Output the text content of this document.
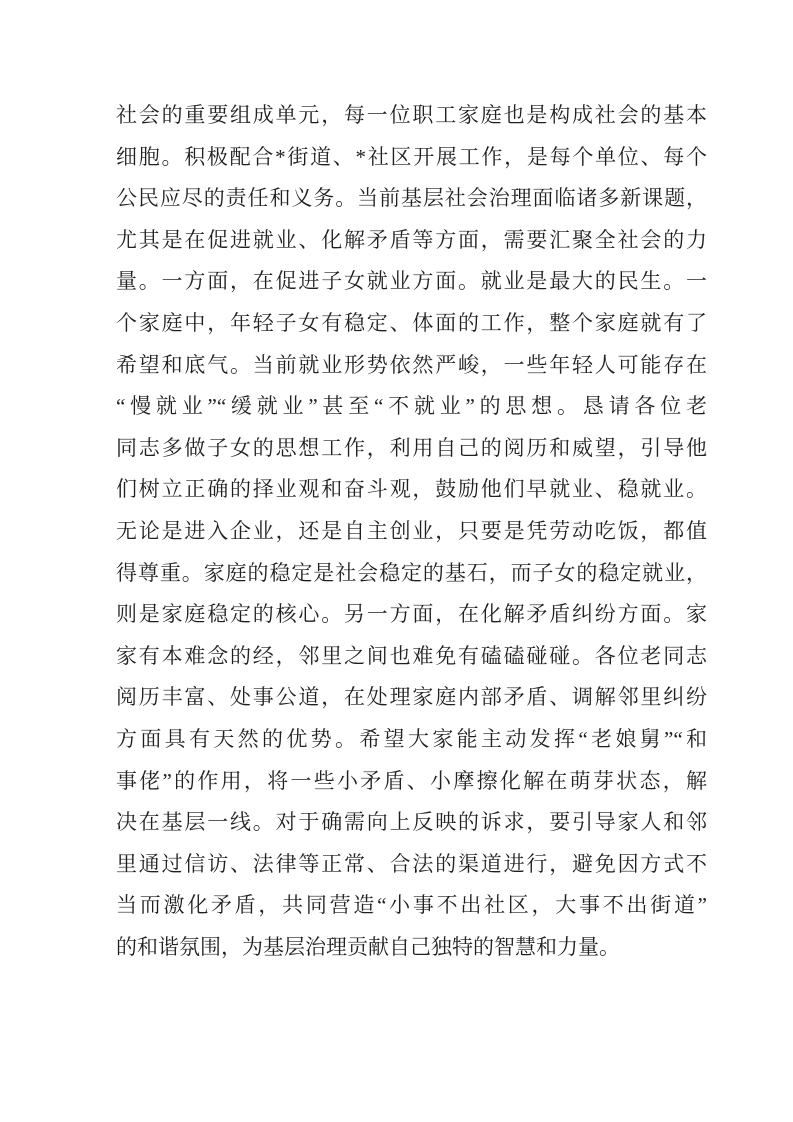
社会的重要组成单元，每一位职工家庭也是构成社会的基本
细胞。积极配合*街道、*社区开展工作，是每个单位、每个
公民应尽的责任和义务。当前基层社会治理面临诸多新课题，
尤其是在促进就业、化解矛盾等方面，需要汇聚全社会的力
量。一方面，在促进子女就业方面。就业是最大的民生。一
个家庭中，年轻子女有稳定、体面的工作，整个家庭就有了
希望和底气。当前就业形势依然严峻，一些年轻人可能存在
“慢就业”“缓就业”甚至“不就业”的思想。恳请各位老
同志多做子女的思想工作，利用自己的阅历和威望，引导他
们树立正确的择业观和奋斗观，鼓励他们早就业、稳就业。
无论是进入企业，还是自主创业，只要是凭劳动吃饭，都值
得尊重。家庭的稳定是社会稳定的基石，而子女的稳定就业，
则是家庭稳定的核心。另一方面，在化解矛盾纠纷方面。家
家有本难念的经，邻里之间也难免有磕磕碰碰。各位老同志
阅历丰富、处事公道，在处理家庭内部矛盾、调解邻里纠纷
方面具有天然的优势。希望大家能主动发挥“老娘舅”“和
事佬”的作用，将一些小矛盾、小摩擦化解在萌芽状态，解
决在基层一线。对于确需向上反映的诉求，要引导家人和邻
里通过信访、法律等正常、合法的渠道进行，避免因方式不
当而激化矛盾，共同营造“小事不出社区，大事不出街道”
的和谐氛围，为基层治理贡献自己独特的智慧和力量。
